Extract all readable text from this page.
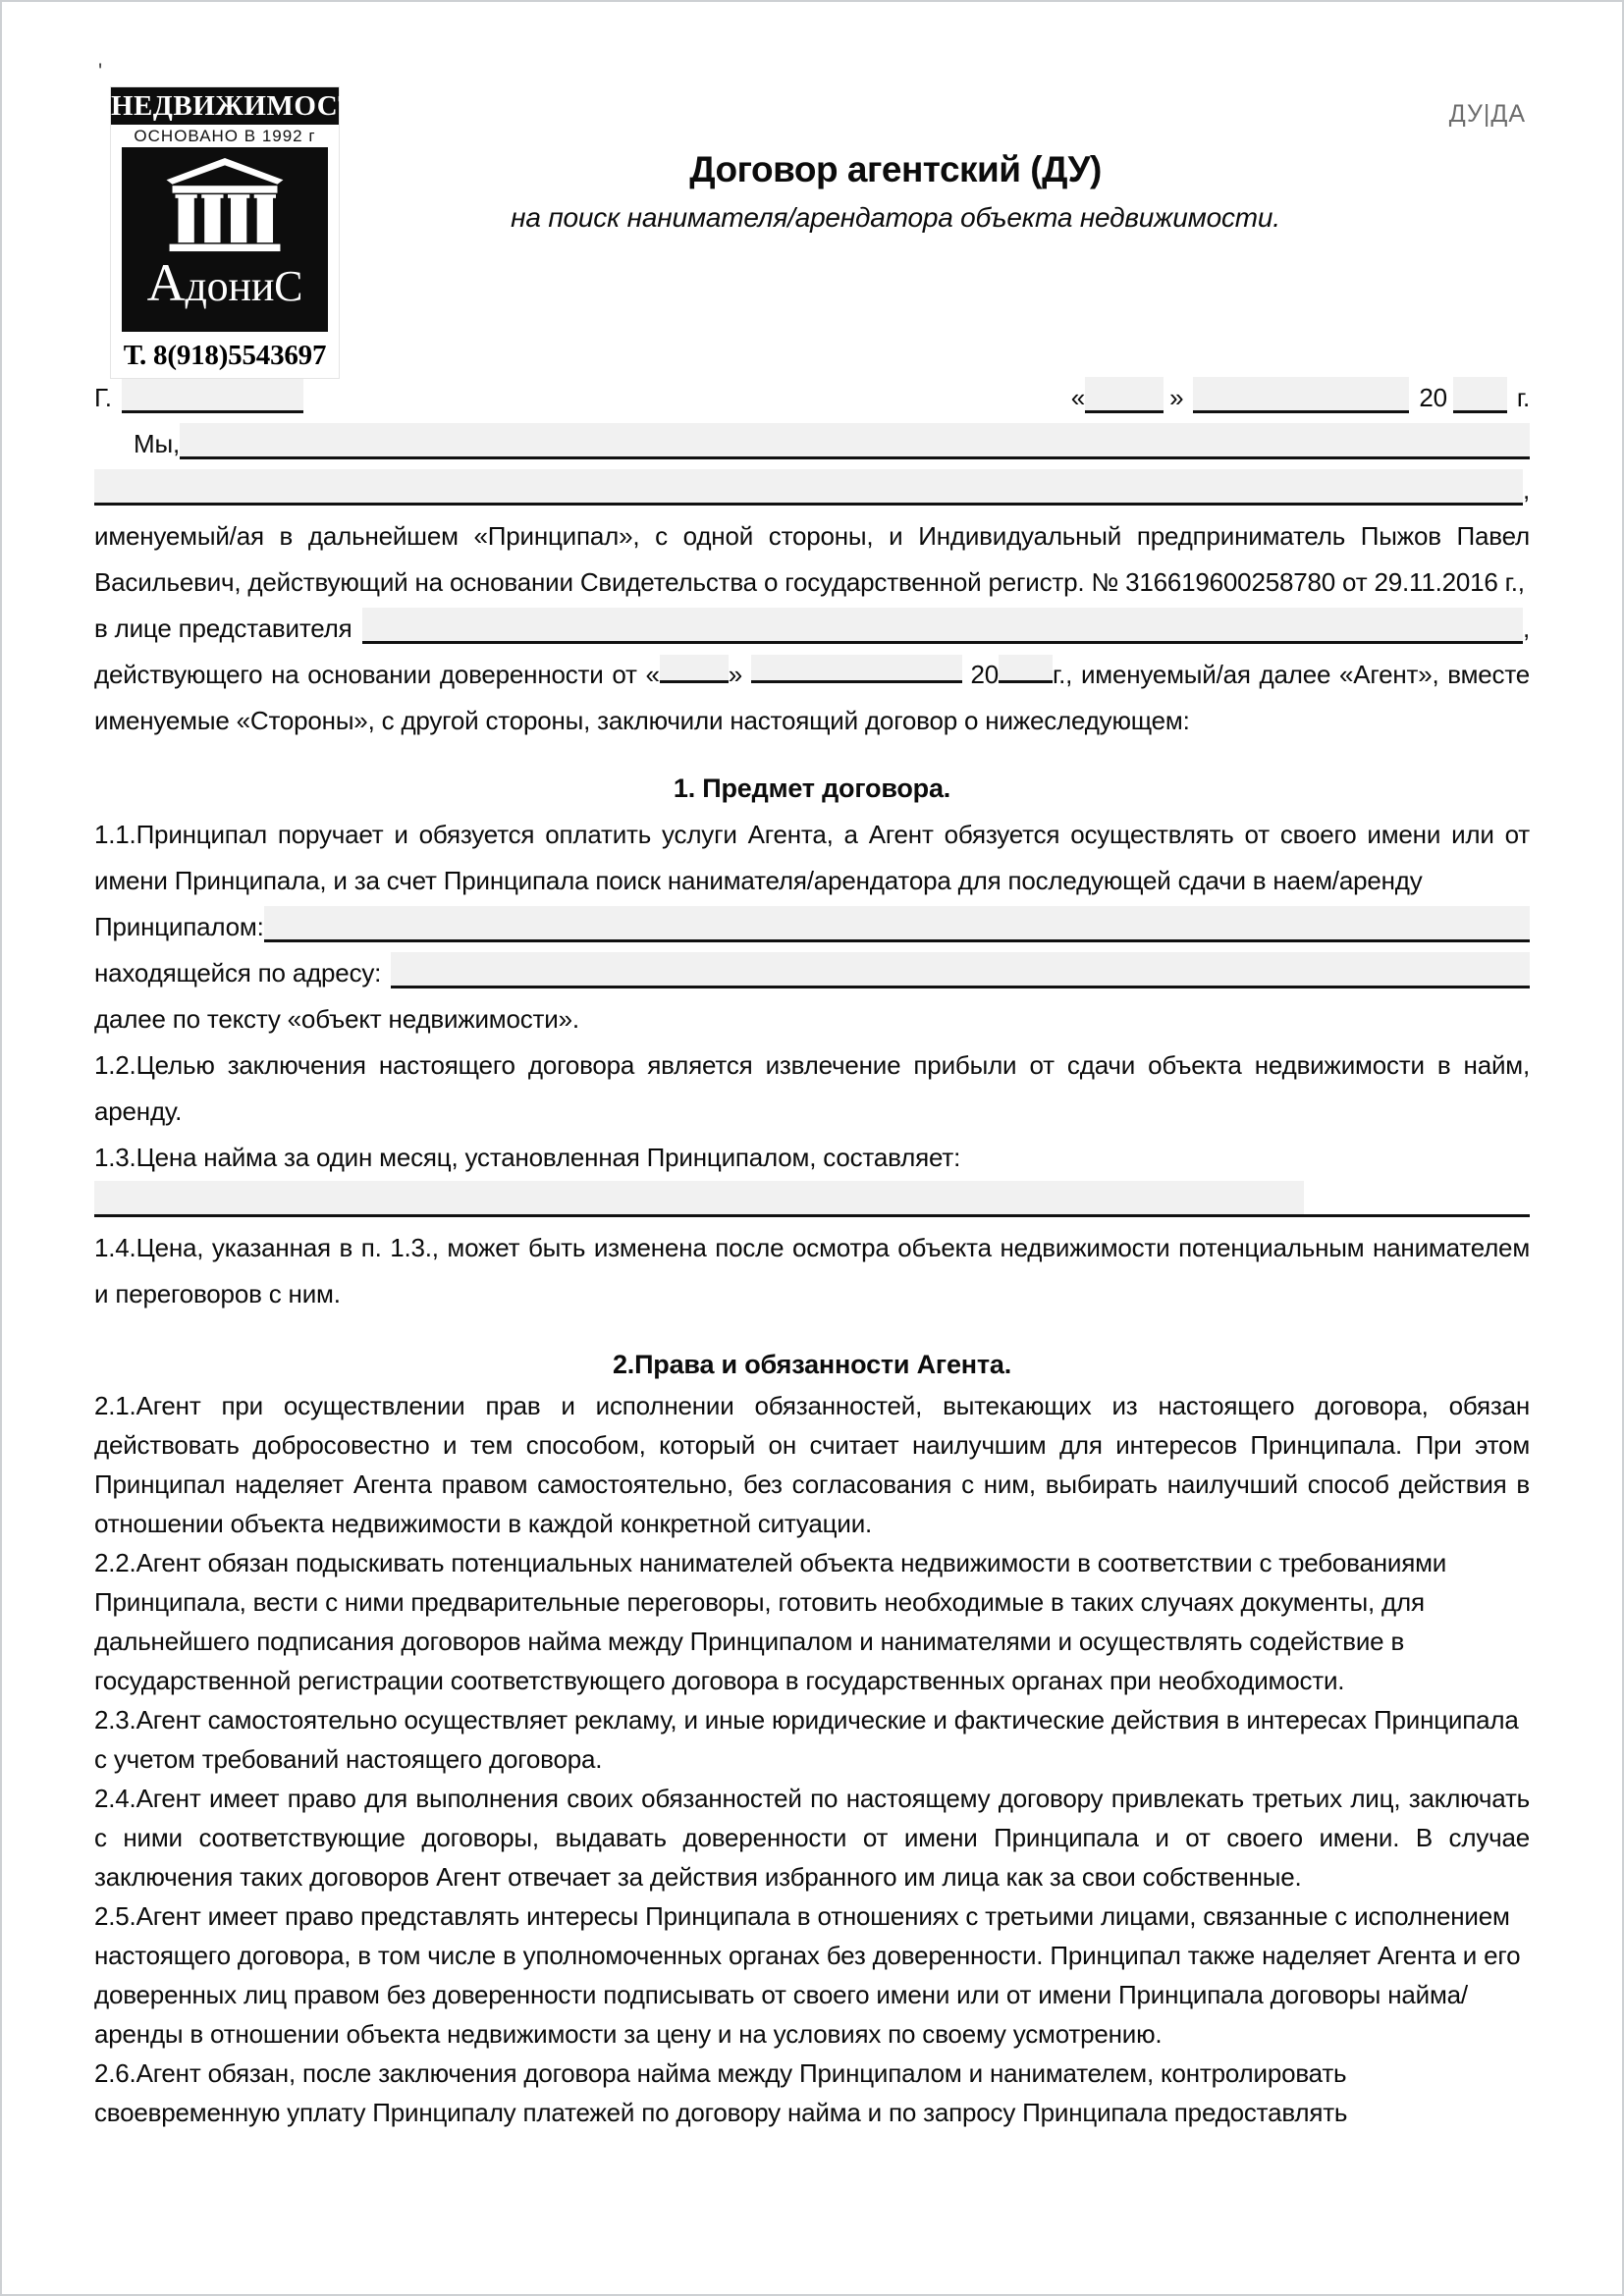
'
ДУ|ДА
НЕДВИЖИМОСТЬ
ОСНОВАНО В 1992 г
АдониС
Т. 8(918)5543697
Договор агентский (ДУ)
на поиск нанимателя/арендатора объекта недвижимости.
Г.	«	»	20	г.
Мы,
,

именуемый/ая в дальнейшем «Принципал», с одной стороны, и Индивидуальный предприниматель Пыжов Павел Васильевич, действующий на основании Свидетельства о государственной регистр. № 316619600258780 от 29.11.2016 г.,

в лице представителя	,

действующего на основании доверенности от «	»	20 г., именуемый/ая далее «Агент», вместе именуемые «Стороны», с другой стороны, заключили настоящий договор о нижеследующем:

1. Предмет договора.

1.1.Принципал поручает и обязуется оплатить услуги Агента, а Агент обязуется осуществлять от своего имени или от имени Принципала, и за счет Принципала поиск нанимателя/арендатора для последующей сдачи в наем/аренду

Принципалом:
находящейся по адресу:

далее по тексту «объект недвижимости».

1.2.Целью заключения настоящего договора является извлечение прибыли от сдачи объекта недвижимости в найм, аренду.

1.3.Цена найма за один месяц, установленная Принципалом, составляет:

1.4.Цена, указанная в п. 1.3., может быть изменена после осмотра объекта недвижимости потенциальным нанимателем и переговоров с ним.

2.Права и обязанности Агента.

2.1.Агент при осуществлении прав и исполнении обязанностей, вытекающих из настоящего договора, обязан действовать добросовестно и тем способом, который он считает наилучшим для интересов Принципала. При этом Принципал наделяет Агента правом самостоятельно, без согласования с ним, выбирать наилучший способ действия в отношении объекта недвижимости в каждой конкретной ситуации.

2.2.Агент обязан подыскивать потенциальных нанимателей объекта недвижимости в соответствии с требованиями Принципала, вести с ними предварительные переговоры, готовить необходимые в таких случаях документы, для дальнейшего подписания договоров найма между Принципалом и нанимателями и осуществлять содействие в государственной регистрации соответствующего договора в государственных органах при необходимости.

2.3.Агент самостоятельно осуществляет рекламу, и иные юридические и фактические действия в интересах Принципала с учетом требований настоящего договора.

2.4.Агент имеет право для выполнения своих обязанностей по настоящему договору привлекать третьих лиц, заключать с ними соответствующие договоры, выдавать доверенности от имени Принципала и от своего имени. В случае заключения таких договоров Агент отвечает за действия избранного им лица как за свои собственные.

2.5.Агент имеет право представлять интересы Принципала в отношениях с третьими лицами, связанные с исполнением настоящего договора, в том числе в уполномоченных органах без доверенности. Принципал также наделяет Агента и его доверенных лиц правом без доверенности подписывать от своего имени или от имени Принципала договоры найма/аренды в отношении объекта недвижимости за цену и на условиях по своему усмотрению.

2.6.Агент обязан, после заключения договора найма между Принципалом и нанимателем, контролировать своевременную уплату Принципалу платежей по договору найма и по запросу Принципала предоставлять
